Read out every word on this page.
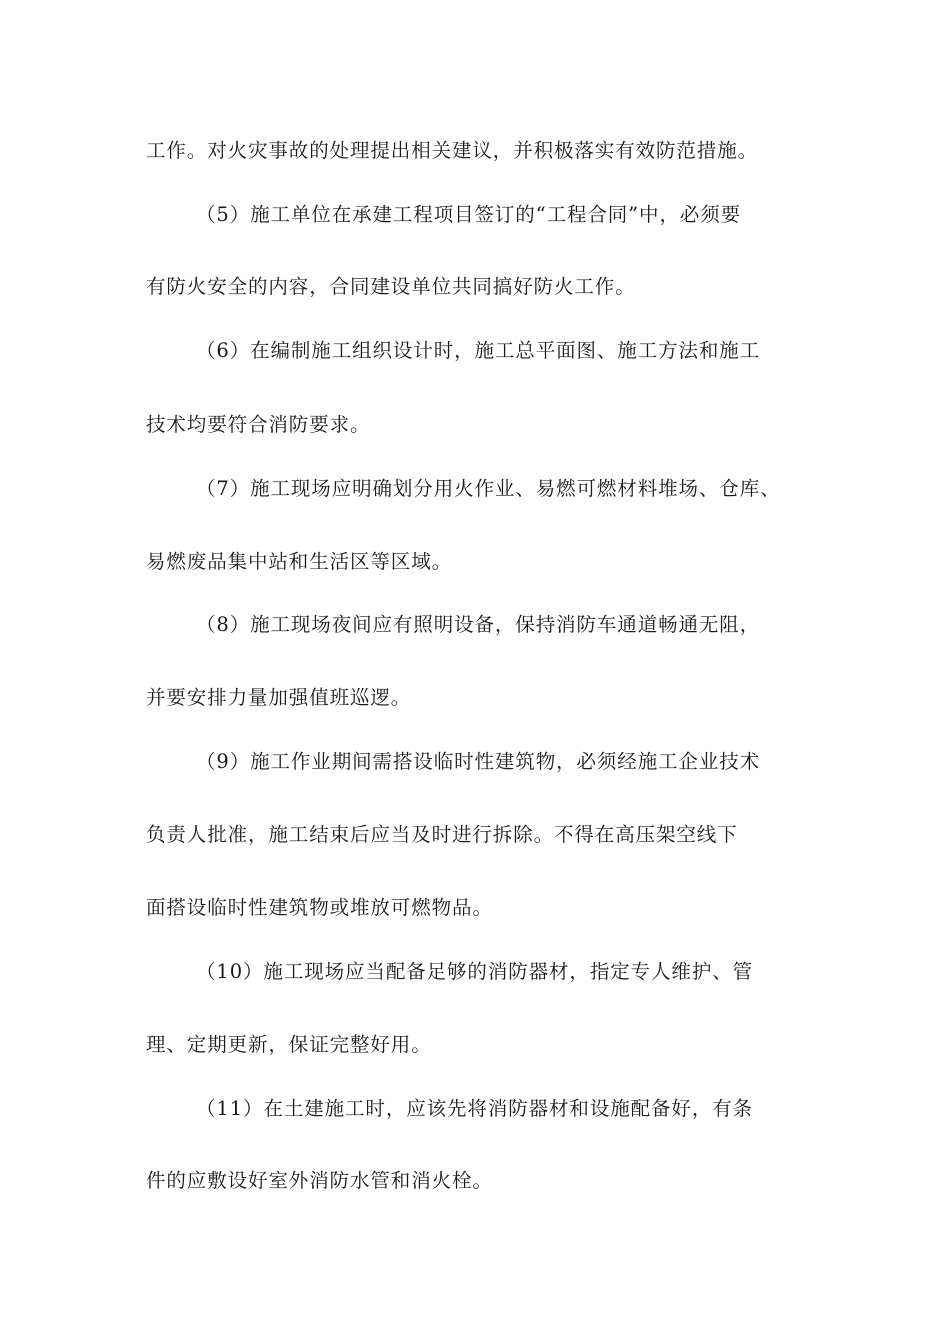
工作。对火灾事故的处理提出相关建议，并积极落实有效防范措施。
（5）施工单位在承建工程项目签订的“工程合同”中，必须要
有防火安全的内容，合同建设单位共同搞好防火工作。
（6）在编制施工组织设计时，施工总平面图、施工方法和施工
技术均要符合消防要求。
（7）施工现场应明确划分用火作业、易燃可燃材料堆场、仓库、
易燃废品集中站和生活区等区域。
（8）施工现场夜间应有照明设备，保持消防车通道畅通无阻，
并要安排力量加强值班巡逻。
（9）施工作业期间需搭设临时性建筑物，必须经施工企业技术
负责人批准，施工结束后应当及时进行拆除。不得在高压架空线下
面搭设临时性建筑物或堆放可燃物品。
（10）施工现场应当配备足够的消防器材，指定专人维护、管
理、定期更新，保证完整好用。
（11）在土建施工时，应该先将消防器材和设施配备好，有条
件的应敷设好室外消防水管和消火栓。
